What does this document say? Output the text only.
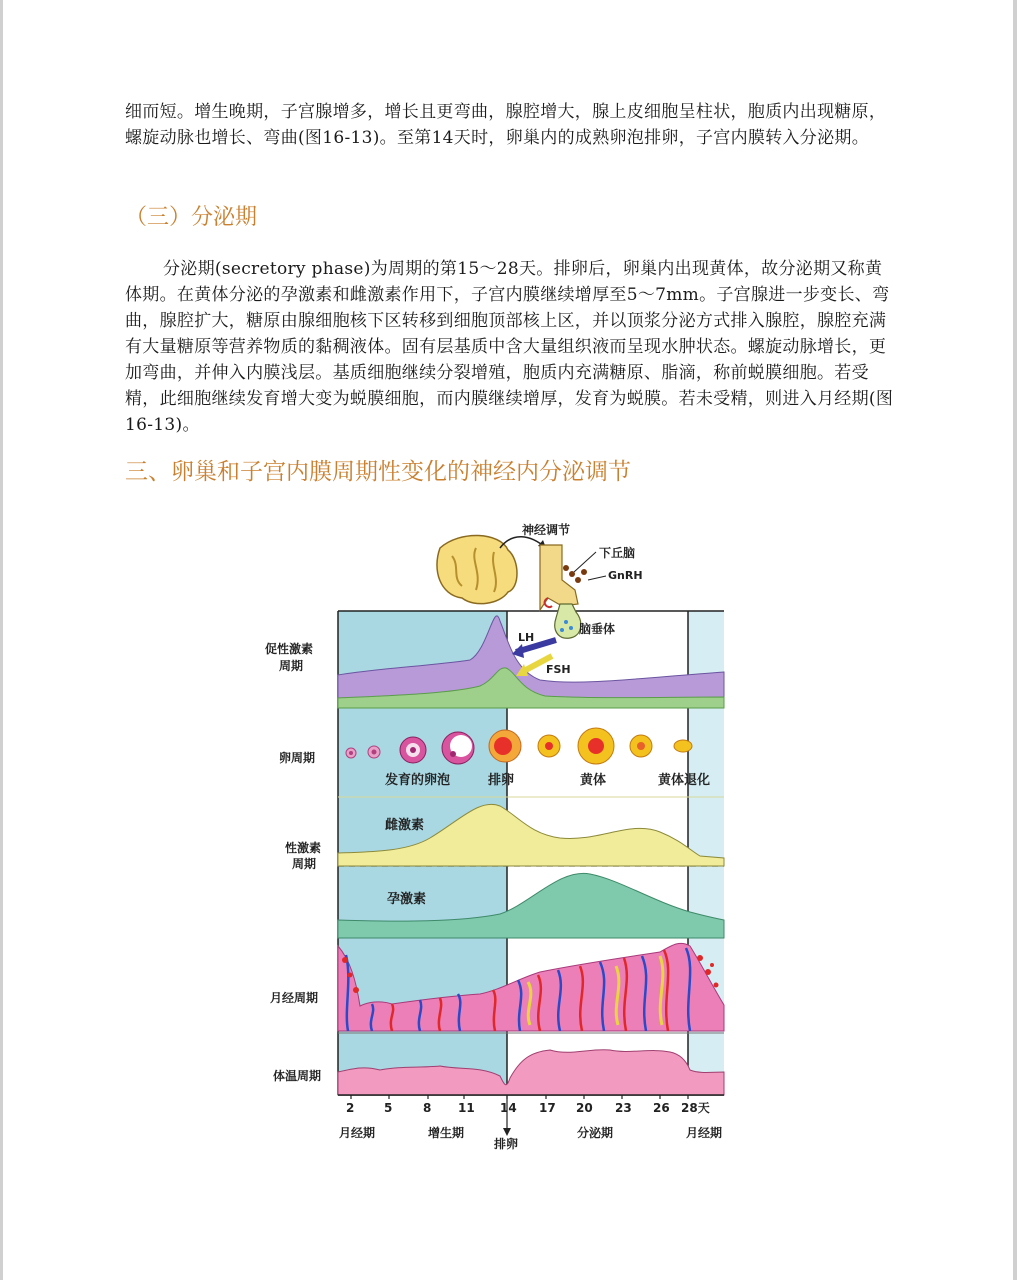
细而短。增生晚期，子宫腺增多，增长且更弯曲，腺腔增大，腺上皮细胞呈柱状，胞质内出现糖原，螺旋动脉也增长、弯曲(图16-13)。至第14天时，卵巢内的成熟卵泡排卵，子宫内膜转入分泌期。

（三）分泌期

分泌期(secretory phase)为周期的第15～28天。排卵后，卵巢内出现黄体，故分泌期又称黄体期。在黄体分泌的孕激素和雌激素作用下，子宫内膜继续增厚至5～7mm。子宫腺进一步变长、弯曲，腺腔扩大，糖原由腺细胞核下区转移到细胞顶部核上区，并以顶浆分泌方式排入腺腔，腺腔充满有大量糖原等营养物质的黏稠液体。固有层基质中含大量组织液而呈现水肿状态。螺旋动脉增长，更加弯曲，并伸入内膜浅层。基质细胞继续分裂增殖，胞质内充满糖原、脂滴，称前蜕膜细胞。若受精，此细胞继续发育增大变为蜕膜细胞，而内膜继续增厚，发育为蜕膜。若未受精，则进入月经期(图16-13)。

三、卵巢和子宫内膜周期性变化的神经内分泌调节
神经调节
下丘脑
GnRH
脑垂体
LH
FSH
发育的卵泡	排卵	黄体	黄体退化
雌激素
孕激素
促性激素
周期
卵周期
性激素
周期
月经周期
体温周期
2 5	8 11 14 17 20 23 26 28天
月经期	增生期
排卵
分泌期	月经期
